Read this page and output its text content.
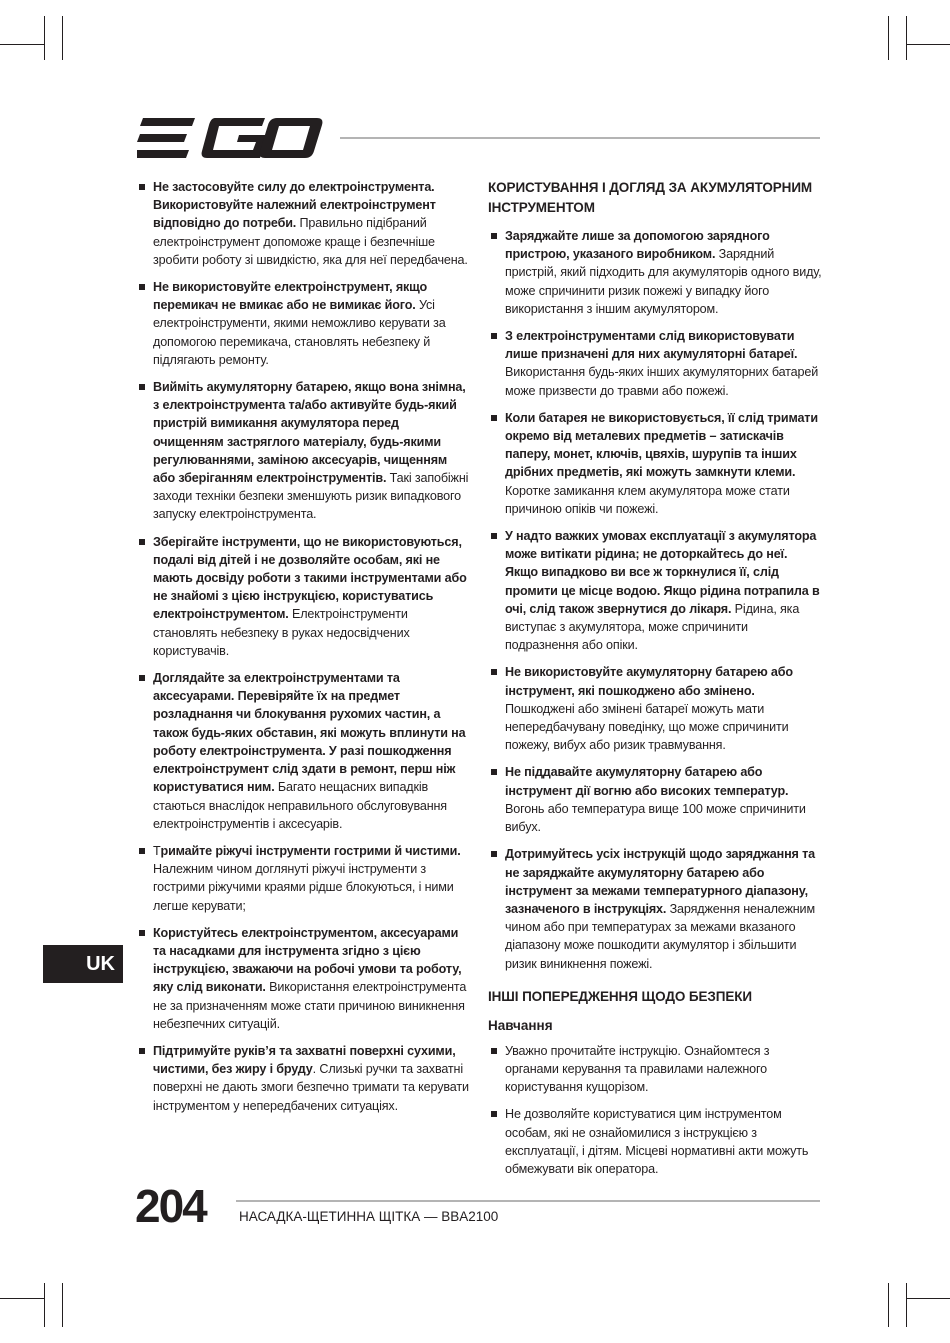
Не застосовуйте силу до електроінструмента. Використовуйте належний електроінструмент відповідно до потреби. Правильно підібраний електроінструмент допоможе краще і безпечніше зробити роботу зі швидкістю, яка для неї передбачена.
Не використовуйте електроінструмент, якщо перемикач не вмикає або не вимикає його. Усі електроінструменти, якими неможливо керувати за допомогою перемикача, становлять небезпеку й підлягають ремонту.
Вийміть акумуляторну батарею, якщо вона знімна, з електроінструмента та/або активуйте будь-який пристрій вимикання акумулятора перед очищенням застряглого матеріалу, будь-якими регулюваннями, заміною аксесуарів, чищенням або зберіганням електроінструментів. Такі запобіжні заходи техніки безпеки зменшують ризик випадкового запуску електроінструмента.
Зберігайте інструменти, що не використовуються, подалі від дітей і не дозволяйте особам, які не мають досвіду роботи з такими інструментами або не знайомі з цією інструкцією, користуватись електроінструментом. Електроінструменти становлять небезпеку в руках недосвідчених користувачів.
Доглядайте за електроінструментами та аксесуарами. Перевіряйте їх на предмет розладнання чи блокування рухомих частин, а також будь-яких обставин, які можуть вплинути на роботу електроінструмента. У разі пошкодження електроінструмент слід здати в ремонт, перш ніж користуватися ним. Багато нещасних випадків стаються внаслідок неправильного обслуговування електроінструментів і аксесуарів.
Тримайте ріжучі інструменти гострими й чистими. Належним чином доглянуті ріжучі інструменти з гострими ріжучими краями рідше блокуються, і ними легше керувати;
Користуйтесь електроінструментом, аксесуарами та насадками для інструмента згідно з цією інструкцією, зважаючи на робочі умови та роботу, яку слід виконати. Використання електроінструмента не за призначенням може стати причиною виникнення небезпечних ситуацій.
Підтримуйте руків’я та захватні поверхні сухими, чистими, без жиру і бруду. Слизькі ручки та захватні поверхні не дають змоги безпечно тримати та керувати інструментом у непередбачених ситуаціях.
КОРИСТУВАННЯ І ДОГЛЯД ЗА АКУМУЛЯТОРНИМ ІНСТРУМЕНТОМ
Заряджайте лише за допомогою зарядного пристрою, указаного виробником. Зарядний пристрій, який підходить для акумуляторів одного виду, може спричинити ризик пожежі у випадку його використання з іншим акумулятором.
З електроінструментами слід використовувати лише призначені для них акумуляторні батареї. Використання будь-яких інших акумуляторних батарей може призвести до травми або пожежі.
Коли батарея не використовується, її слід тримати окремо від металевих предметів – затискачів паперу, монет, ключів, цвяхів, шурупів та інших дрібних предметів, які можуть замкнути клеми. Коротке замикання клем акумулятора може стати причиною опіків чи пожежі.
У надто важких умовах експлуатації з акумулятора може витікати рідина; не доторкайтесь до неї. Якщо випадково ви все ж торкнулися її, слід промити це місце водою. Якщо рідина потрапила в очі, слід також звернутися до лікаря. Рідина, яка виступає з акумулятора, може спричинити подразнення або опіки.
Не використовуйте акумуляторну батарею або інструмент, які пошкоджено або змінено. Пошкоджені або змінені батареї можуть мати непередбачувану поведінку, що може спричинити пожежу, вибух або ризик травмування.
Не піддавайте акумуляторну батарею або інструмент дії вогню або високих температур. Вогонь або температура вище 100 може спричинити вибух.
Дотримуйтесь усіх інструкцій щодо заряджання та не заряджайте акумуляторну батарею або інструмент за межами температурного діапазону, зазначеного в інструкціях. Зарядження неналежним чином або при температурах за межами вказаного діапазону може пошкодити акумулятор і збільшити ризик виникнення пожежі.
ІНШІ ПОПЕРЕДЖЕННЯ ЩОДО БЕЗПЕКИ
Навчання
Уважно прочитайте інструкцію. Ознайомтеся з органами керування та правилами належного користування кущорізом.
Не дозволяйте користуватися цим інструментом особам, які не ознайомилися з інструкцією з експлуатації, і дітям. Місцеві нормативні акти можуть обмежувати вік оператора.
UK
204 НАСАДКА-ЩЕТИННА ЩІТКА — BBA2100
